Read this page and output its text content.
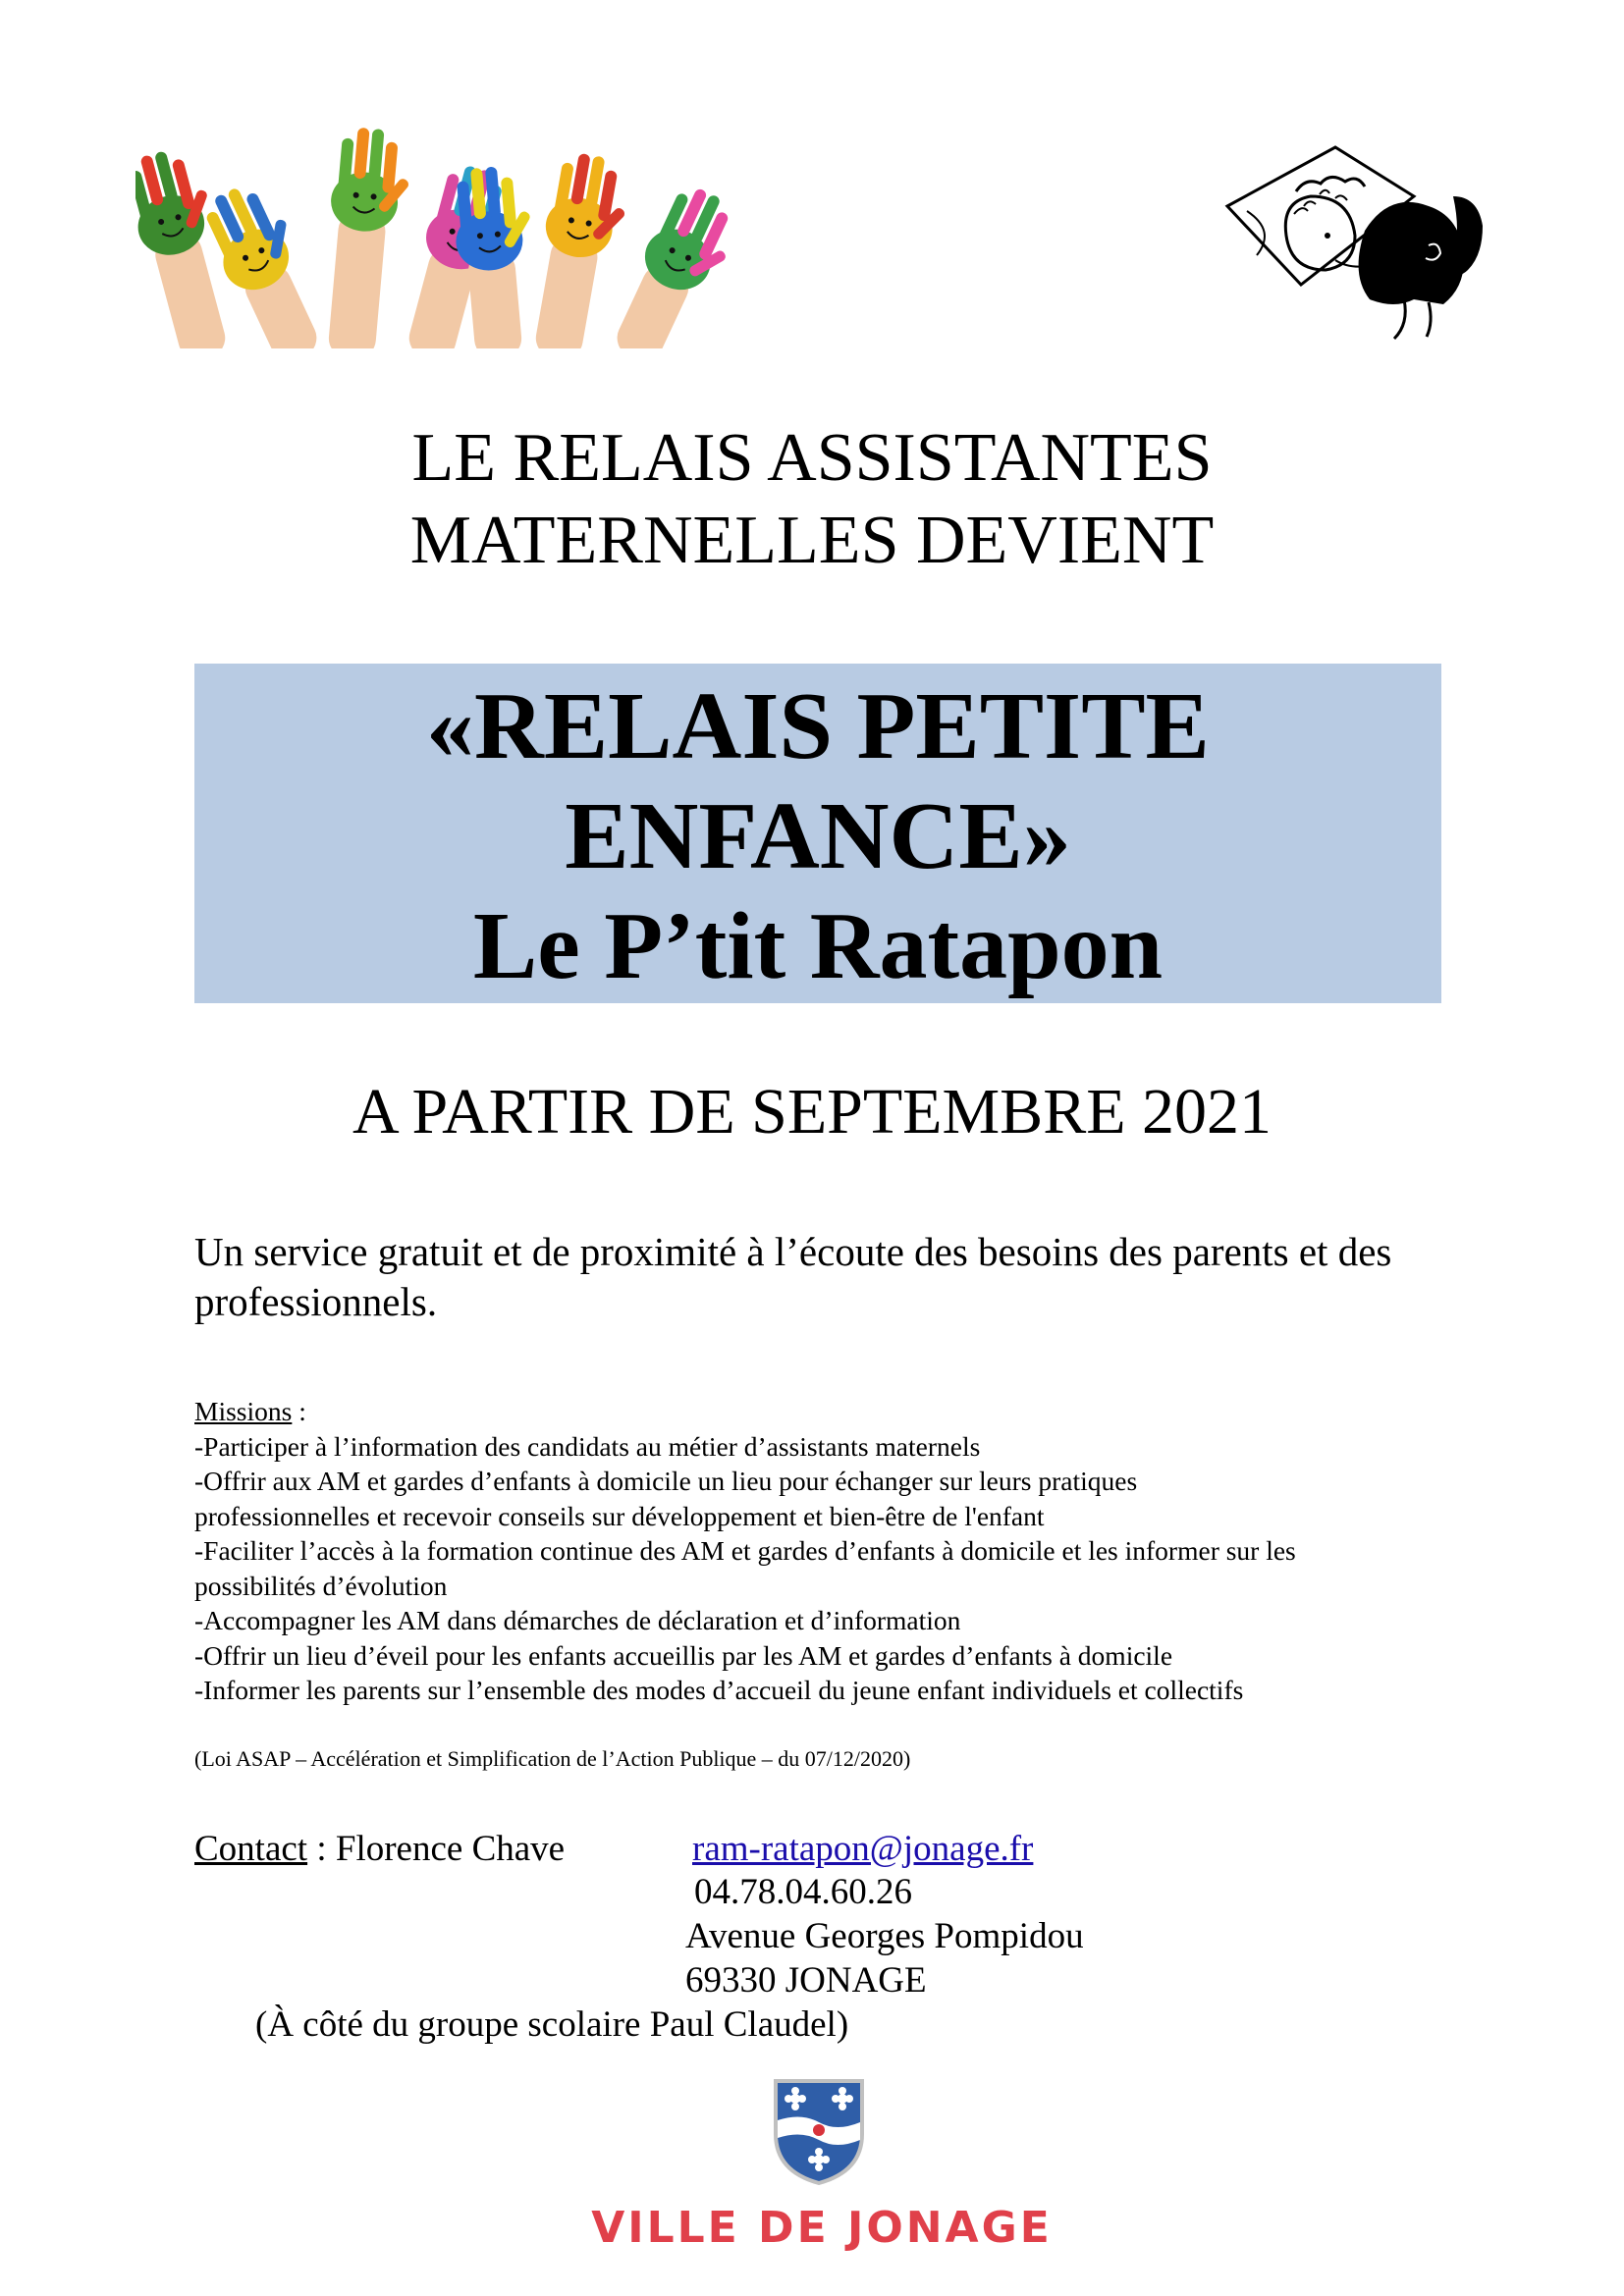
LE RELAIS ASSISTANTES
MATERNELLES DEVIENT
«RELAIS PETITE
ENFANCE»
Le P’tit Ratapon
A PARTIR DE SEPTEMBRE 2021
Un service gratuit et de proximité à l’écoute des besoins des parents et des professionnels.
Missions :
-Participer à l’information des candidats au métier d’assistants maternels
-Offrir aux AM et gardes d’enfants à domicile un lieu pour échanger sur leurs pratiques
professionnelles et recevoir conseils sur développement et bien-être de l'enfant
-Faciliter l’accès à la formation continue des AM et gardes d’enfants à domicile et les informer sur les
possibilités d’évolution
-Accompagner les AM dans démarches de déclaration et d’information
-Offrir un lieu d’éveil pour les enfants accueillis par les AM et gardes d’enfants à domicile
-Informer les parents sur l’ensemble des modes d’accueil du jeune enfant individuels et collectifs
(Loi ASAP – Accélération et Simplification de l’Action Publique – du 07/12/2020)
Contact : Florence Chave	ram-ratapon@jonage.fr
04.78.04.60.26
Avenue Georges Pompidou
69330 JONAGE
(À côté du groupe scolaire Paul Claudel)
VILLE DE JONAGE
